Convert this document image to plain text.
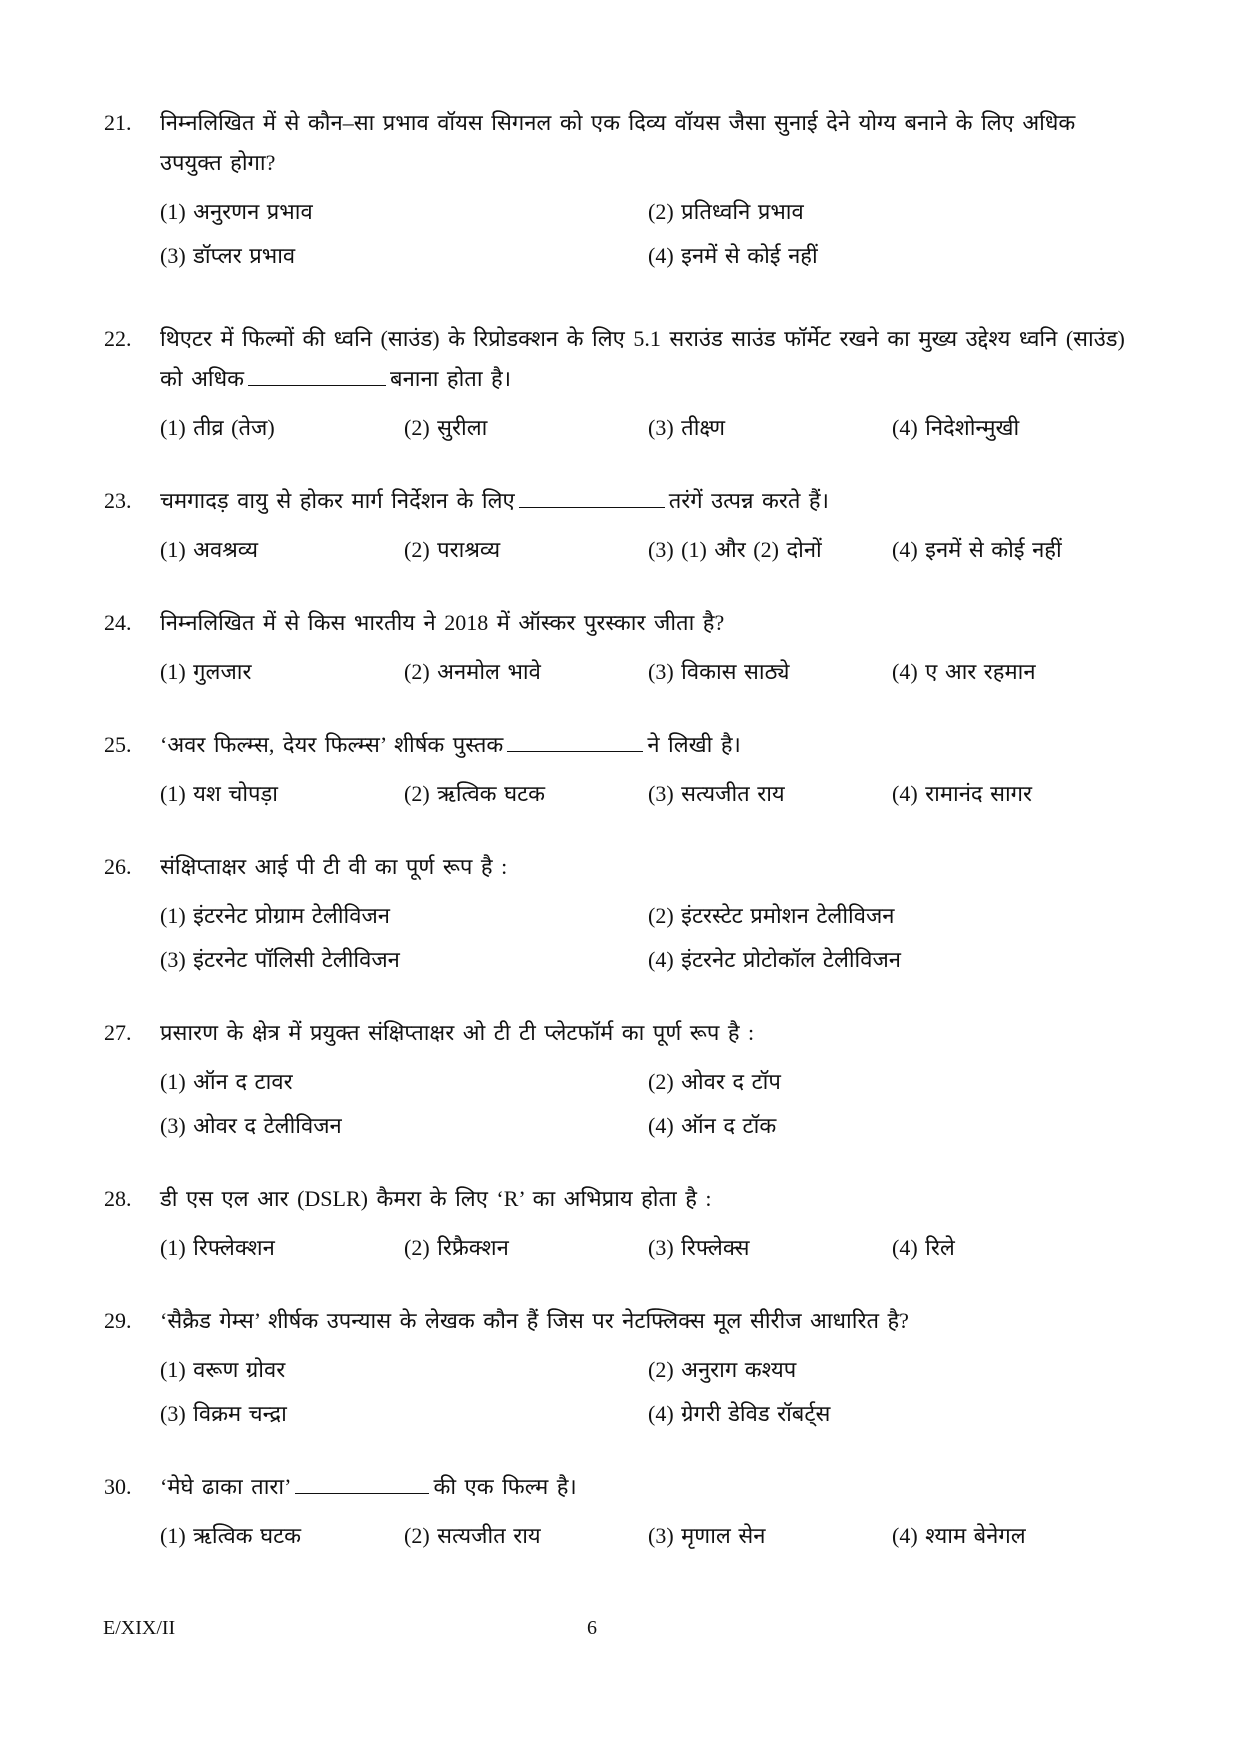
21.	निम्नलिखित में से कौन–सा प्रभाव वॉयस सिगनल को एक दिव्य वॉयस जैसा सुनाई देने योग्य बनाने के लिए अधिक उपयुक्त होगा?
(1) अनुरणन प्रभाव	(2) प्रतिध्वनि प्रभाव
(3) डॉप्लर प्रभाव	(4) इनमें से कोई नहीं
22.	थिएटर में फिल्मों की ध्वनि (साउंड) के रिप्रोडक्शन के लिए 5.1 सराउंड साउंड फॉर्मेट रखने का मुख्य उद्देश्य ध्वनि (साउंड) को अधिक	बनाना होता है।
(1) तीव्र (तेज)	(2) सुरीला	(3) तीक्ष्ण	(4) निदेशोन्मुखी
23.	चमगादड़ वायु से होकर मार्ग निर्देशन के लिए	तरंगें उत्पन्न करते हैं।
(1) अवश्रव्य	(2) पराश्रव्य	(3) (1) और (2) दोनों	(4) इनमें से कोई नहीं
24.	निम्नलिखित में से किस भारतीय ने 2018 में ऑस्कर पुरस्कार जीता है?
(1) गुलजार	(2) अनमोल भावे	(3) विकास साठ्ये	(4) ए आर रहमान
25.	‘अवर फिल्म्स, देयर फिल्म्स’ शीर्षक पुस्तक	ने लिखी है।
(1) यश चोपड़ा	(2) ऋत्विक घटक	(3) सत्यजीत राय	(4) रामानंद सागर
26.	संक्षिप्ताक्षर आई पी टी वी का पूर्ण रूप है :
(1) इंटरनेट प्रोग्राम टेलीविजन	(2) इंटरस्टेट प्रमोशन टेलीविजन
(3) इंटरनेट पॉलिसी टेलीविजन	(4) इंटरनेट प्रोटोकॉल टेलीविजन
27.	प्रसारण के क्षेत्र में प्रयुक्त संक्षिप्ताक्षर ओ टी टी प्लेटफॉर्म का पूर्ण रूप है :
(1) ऑन द टावर	(2) ओवर द टॉप
(3) ओवर द टेलीविजन	(4) ऑन द टॉक
28.	डी एस एल आर (DSLR) कैमरा के लिए ‘R’ का अभिप्राय होता है :
(1) रिफ्लेक्शन	(2) रिफ्रैक्शन	(3) रिफ्लेक्स	(4) रिले
29.	‘सैक्रैड गेम्स’ शीर्षक उपन्यास के लेखक कौन हैं जिस पर नेटफ्लिक्स मूल सीरीज आधारित है?
(1) वरूण ग्रोवर	(2) अनुराग कश्यप
(3) विक्रम चन्द्रा	(4) ग्रेगरी डेविड रॉबर्ट्स
30.	‘मेघे ढाका तारा’	की एक फिल्म है।
(1) ऋत्विक घटक	(2) सत्यजीत राय	(3) मृणाल सेन	(4) श्याम बेनेगल
E/XIX/II	6
